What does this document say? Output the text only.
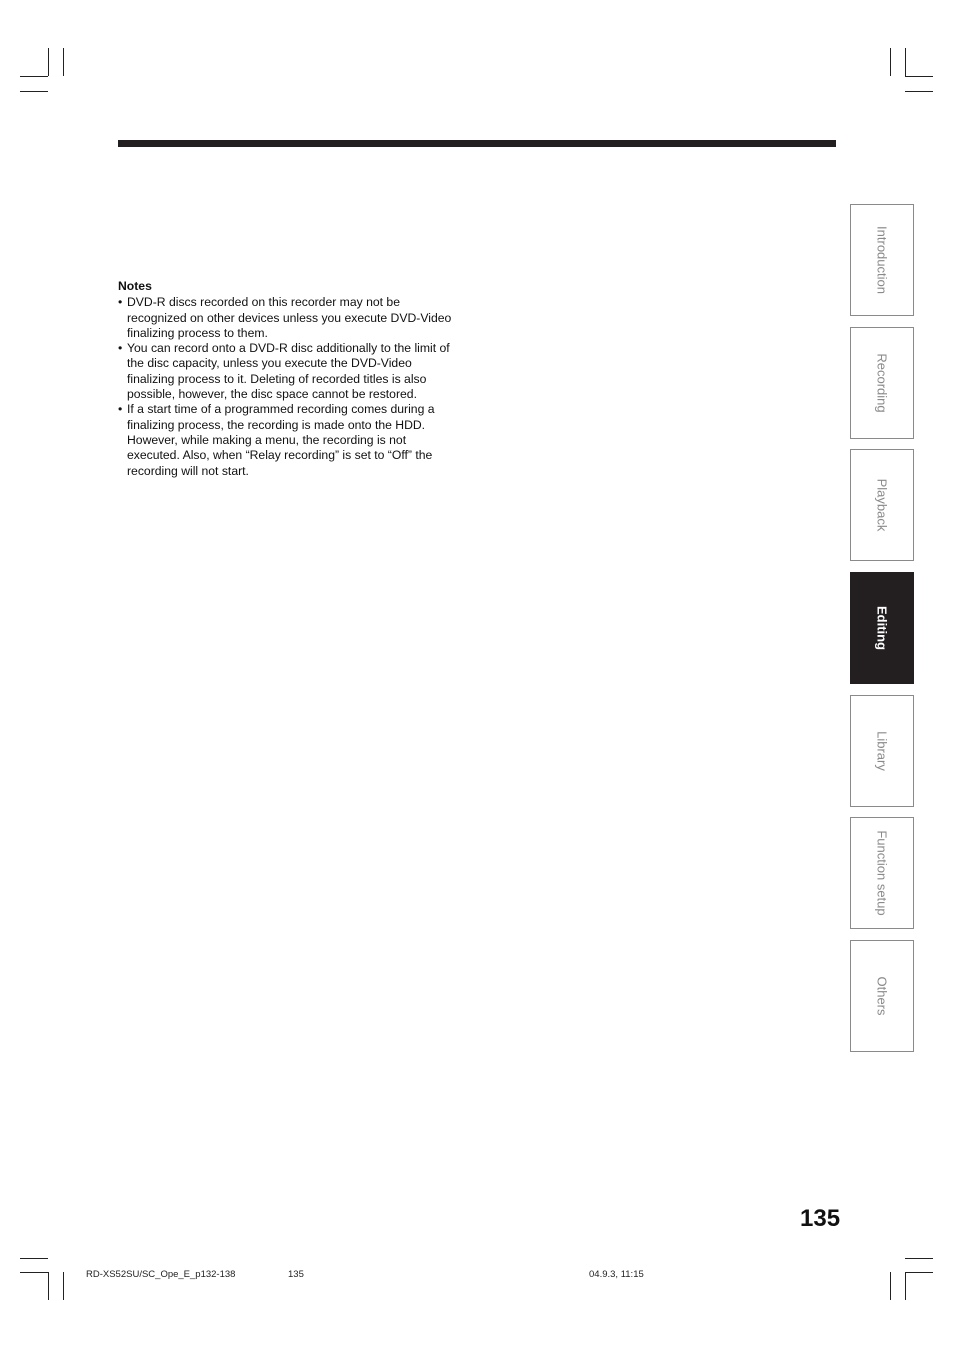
Notes
• DVD-R discs recorded on this recorder may not be recognized on other devices unless you execute DVD-Video finalizing process to them.
• You can record onto a DVD-R disc additionally to the limit of the disc capacity, unless you execute the DVD-Video finalizing process to it. Deleting of recorded titles is also possible, however, the disc space cannot be restored.
• If a start time of a programmed recording comes during a finalizing process, the recording is made onto the HDD. However, while making a menu, the recording is not executed. Also, when “Relay recording” is set to “Off” the recording will not start.
Introduction
Recording
Playback
Editing
Library
Function setup
Others
135
RD-XS52SU/SC_Ope_E_p132-138	135	04.9.3, 11:15
